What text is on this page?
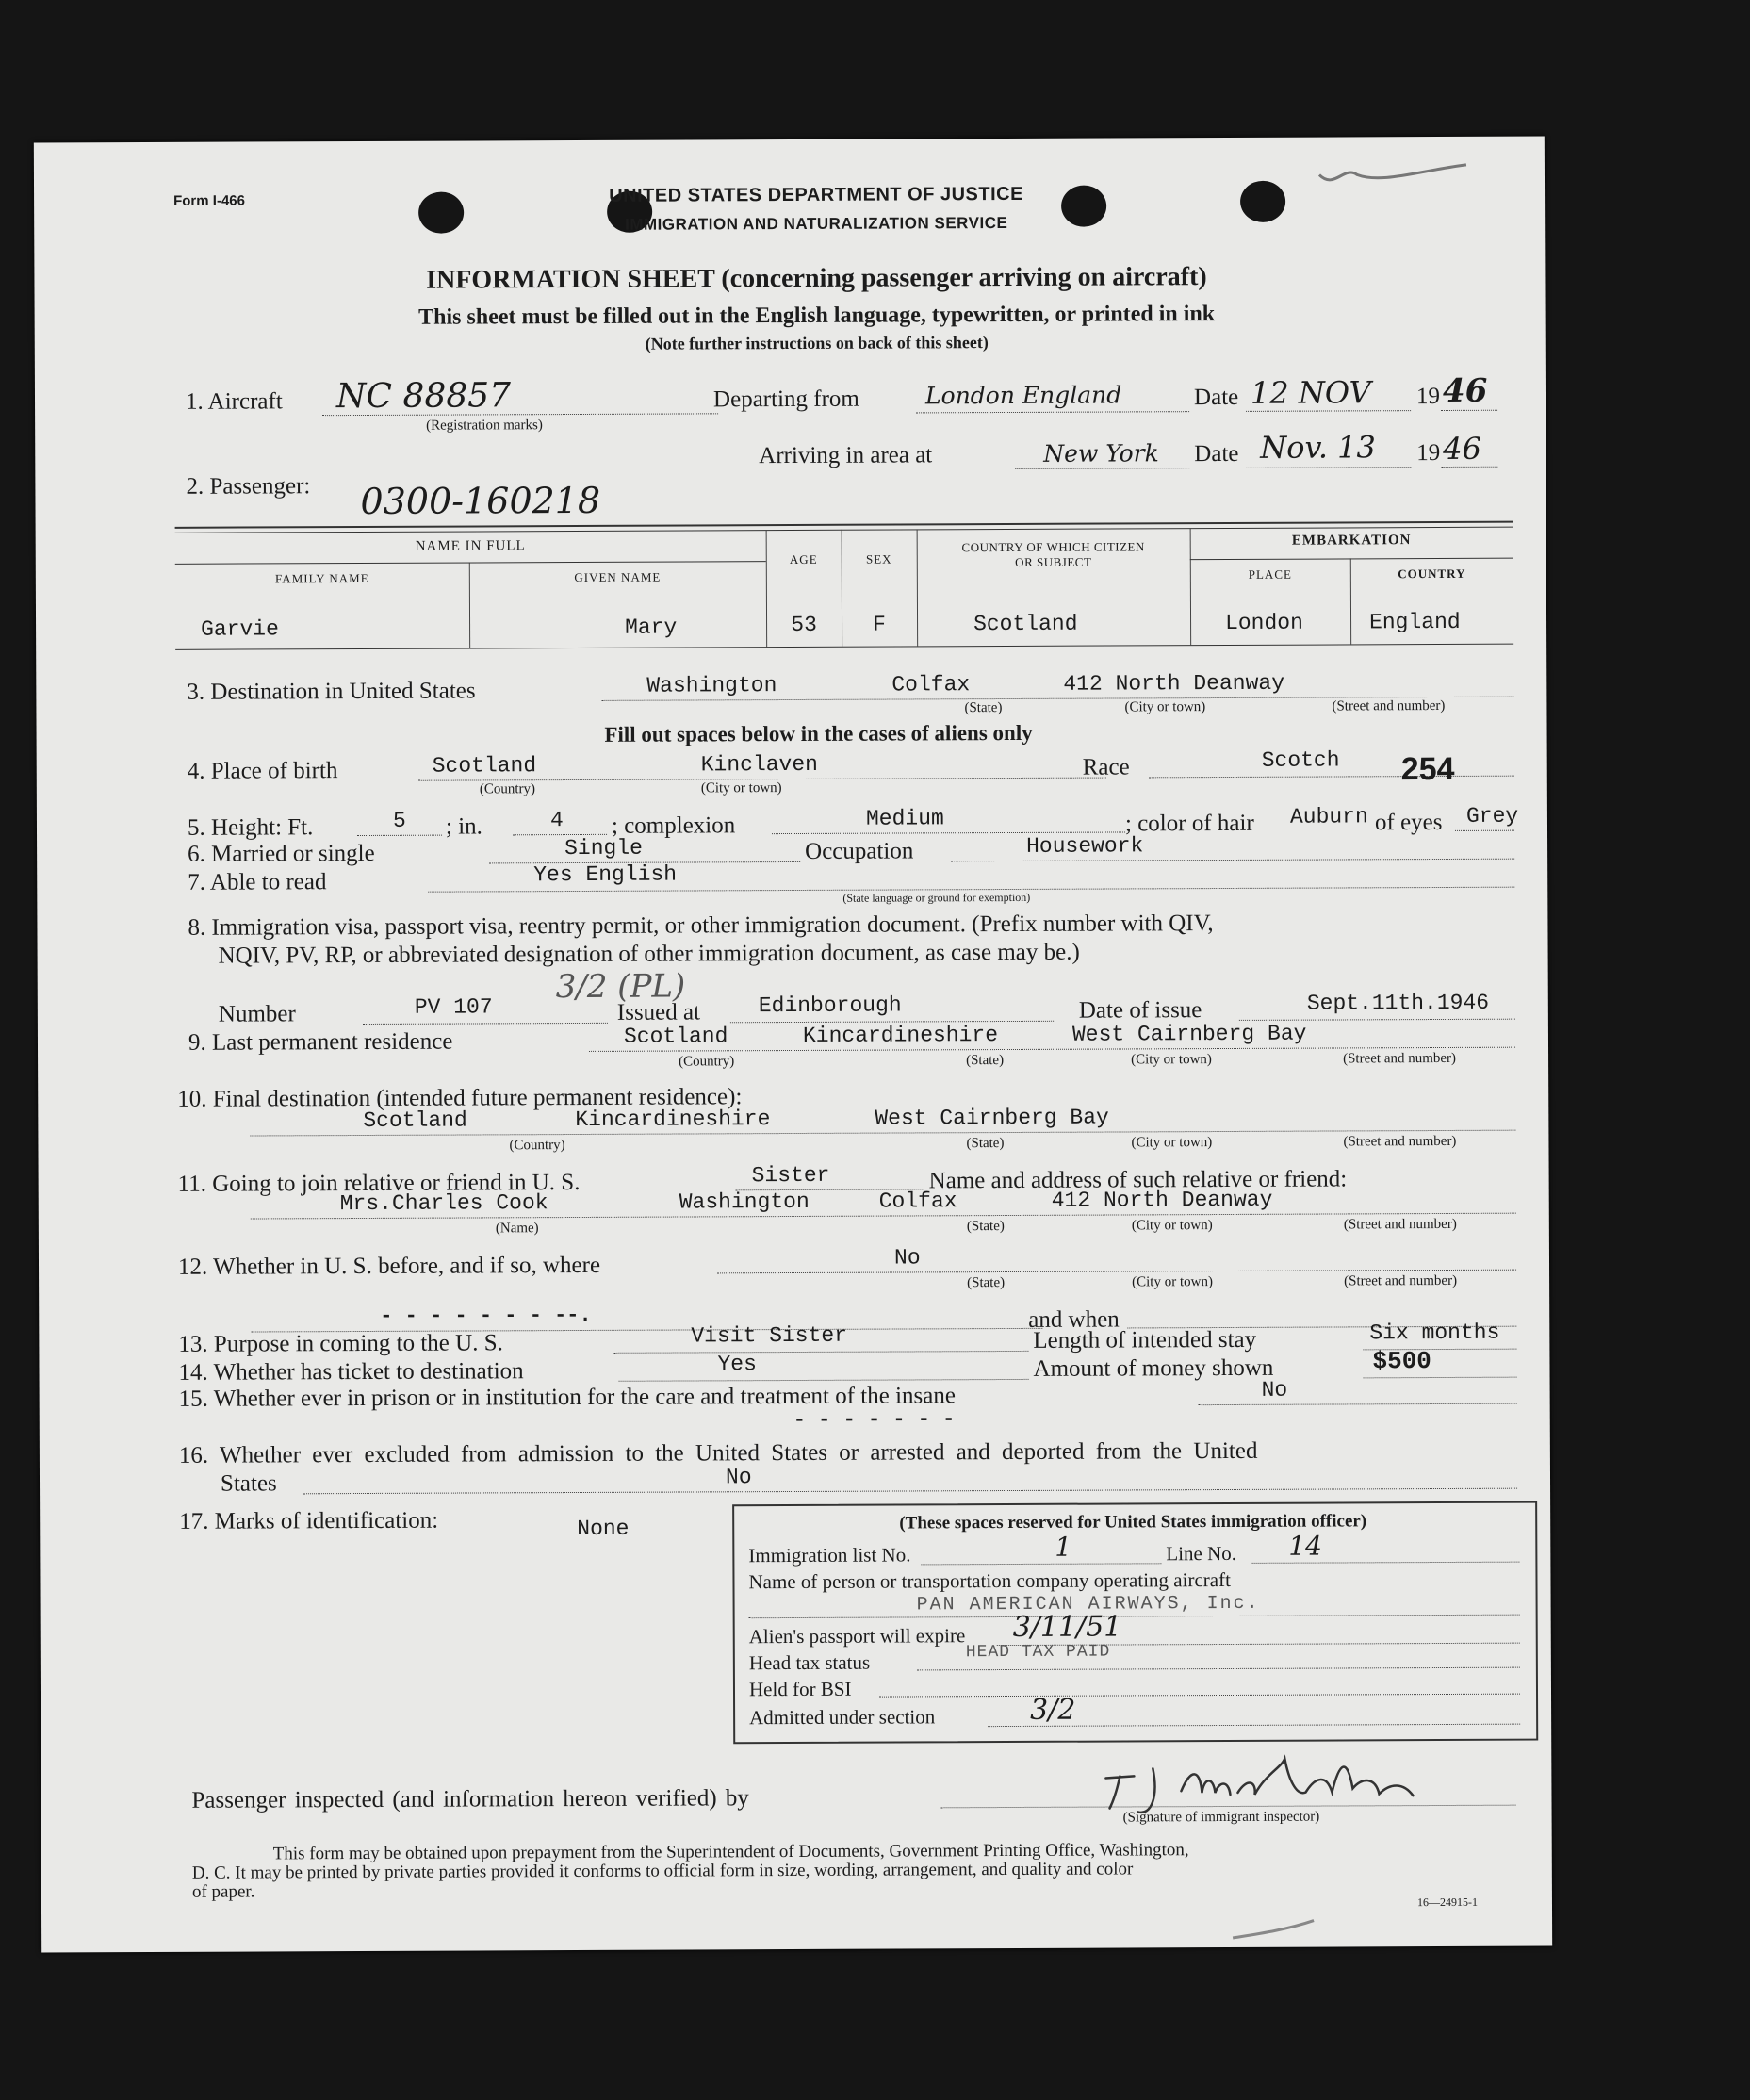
Form I-466	UNITED STATES DEPARTMENT OF JUSTICE
IMMIGRATION AND NATURALIZATION SERVICE
INFORMATION SHEET (concerning passenger arriving on aircraft)
This sheet must be filled out in the English language, typewritten, or printed in ink
(Note further instructions on back of this sheet)
1. Aircraft NC 88857
(Registration marks)
Departing from	London England	Date 12 NOV 19 46
Arriving in area at	New York Date Nov. 13 19 46
2. Passenger: 0300-160218
NAME IN FULL
FAMILY NAME	GIVEN NAME
AGE	SEX
COUNTRY OF WHICH CITIZEN
OR SUBJECT
EMBARKATION
PLACE	COUNTRY
Garvie	Mary	53	F	Scotland	London	England
3. Destination in United States	Washington	Colfax	412 North Deanway
(State)	(City or town)	(Street and number)
Fill out spaces below in the cases of aliens only
4. Place of birth	Scotland	Kinclaven
(Country)	(City or town)
Race	Scotch 254
5. Height: Ft.	5 ; in.	4 ; complexion	Medium	; color of hair Auburn of eyes Grey
6. Married or single	Single	Occupation	Housework
7. Able to read	Yes English
(State language or ground for exemption)
8. Immigration visa, passport visa, reentry permit, or other immigration document. (Prefix number with QIV,
NQIV, PV, RP, or abbreviated designation of other immigration document, as case may be.)
Number	PV 107
3/2 (PL)
Issued at	Edinborough	Date of issue	Sept.11th.1946
9. Last permanent residence	Scotland	Kincardineshire	West Cairnberg Bay
(Country)	(State)	(City or town)	(Street and number)
10. Final destination (intended future permanent residence):
Scotland	Kincardineshire	West Cairnberg Bay
(Country)	(State)	(City or town)	(Street and number)
11. Going to join relative or friend in U. S.	Sister	Name and address of such relative or friend:
Mrs.Charles Cook	Washington	Colfax	412 North Deanway
(Name)	(State)	(City or town)	(Street and number)
12. Whether in U. S. before, and if so, where	No
(State)	(City or town)	(Street and number)
- - - - - - - --.	and when
13. Purpose in coming to the U. S.	Visit Sister	Length of intended stay	Six months
14. Whether has ticket to destination	Yes	Amount of money shown	$500
15. Whether ever in prison or in institution for the care and treatment of the insane	No
- - - - - - -
16. Whether ever excluded from admission to the United States or arrested and deported from the United
States	No
17. Marks of identification:	None	(These spaces reserved for United States immigration officer)
Immigration list No.	1	Line No. 14
Name of person or transportation company operating aircraft
PAN AMERICAN AIRWAYS, Inc.
Alien's passport will expire 3/11/51
Head tax status	HEAD TAX PAID
Held for BSI
Admitted under section	3/2
Passenger inspected (and information hereon verified) by
(Signature of immigrant inspector)
This form may be obtained upon prepayment from the Superintendent of Documents, Government Printing Office, Washington,
D. C. It may be printed by private parties provided it conforms to official form in size, wording, arrangement, and quality and color
of paper.
16—24915-1
